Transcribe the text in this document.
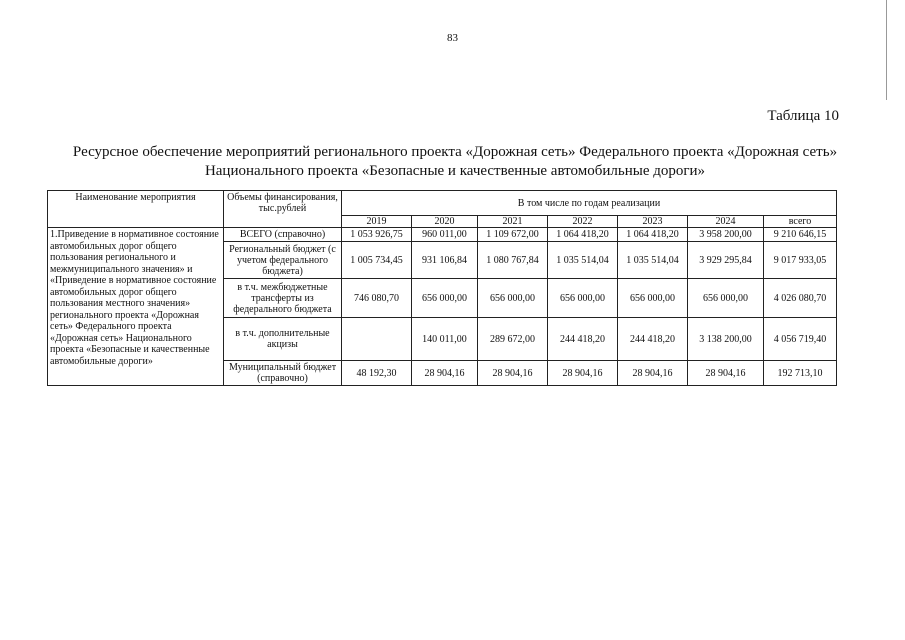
83
Таблица 10
Ресурсное обеспечение мероприятий регионального проекта «Дорожная сеть» Федерального проекта «Дорожная сеть»
Национального проекта «Безопасные и качественные автомобильные дороги»
Наименование мероприятия	Объемы финансирования, тыс.рублей	В том числе по годам реализации						
		2019	2020	2021	2022	2023	2024	всего
1.Приведение в нормативное состояние автомобильных дорог общего пользования регионального и межмуниципального значения» и «Приведение в нормативное состояние автомобильных дорог общего пользования местного значения» регионального проекта «Дорожная сеть» Федерального проекта «Дорожная сеть» Национального проекта «Безопасные и качественные автомобильные дороги»	ВСЕГО (справочно)	1 053 926,75	960 011,00	1 109 672,00	1 064 418,20	1 064 418,20	3 958 200,00	9 210 646,15
	Региональный бюджет (с учетом федерального бюджета)	1 005 734,45	931 106,84	1 080 767,84	1 035 514,04	1 035 514,04	3 929 295,84	9 017 933,05
	в т.ч. межбюджетные трансферты из федерального бюджета	746 080,70	656 000,00	656 000,00	656 000,00	656 000,00	656 000,00	4 026 080,70
	в т.ч. дополнительные акцизы		140 011,00	289 672,00	244 418,20	244 418,20	3 138 200,00	4 056 719,40
	Муниципальный бюджет (справочно)	48 192,30	28 904,16	28 904,16	28 904,16	28 904,16	28 904,16	192 713,10
